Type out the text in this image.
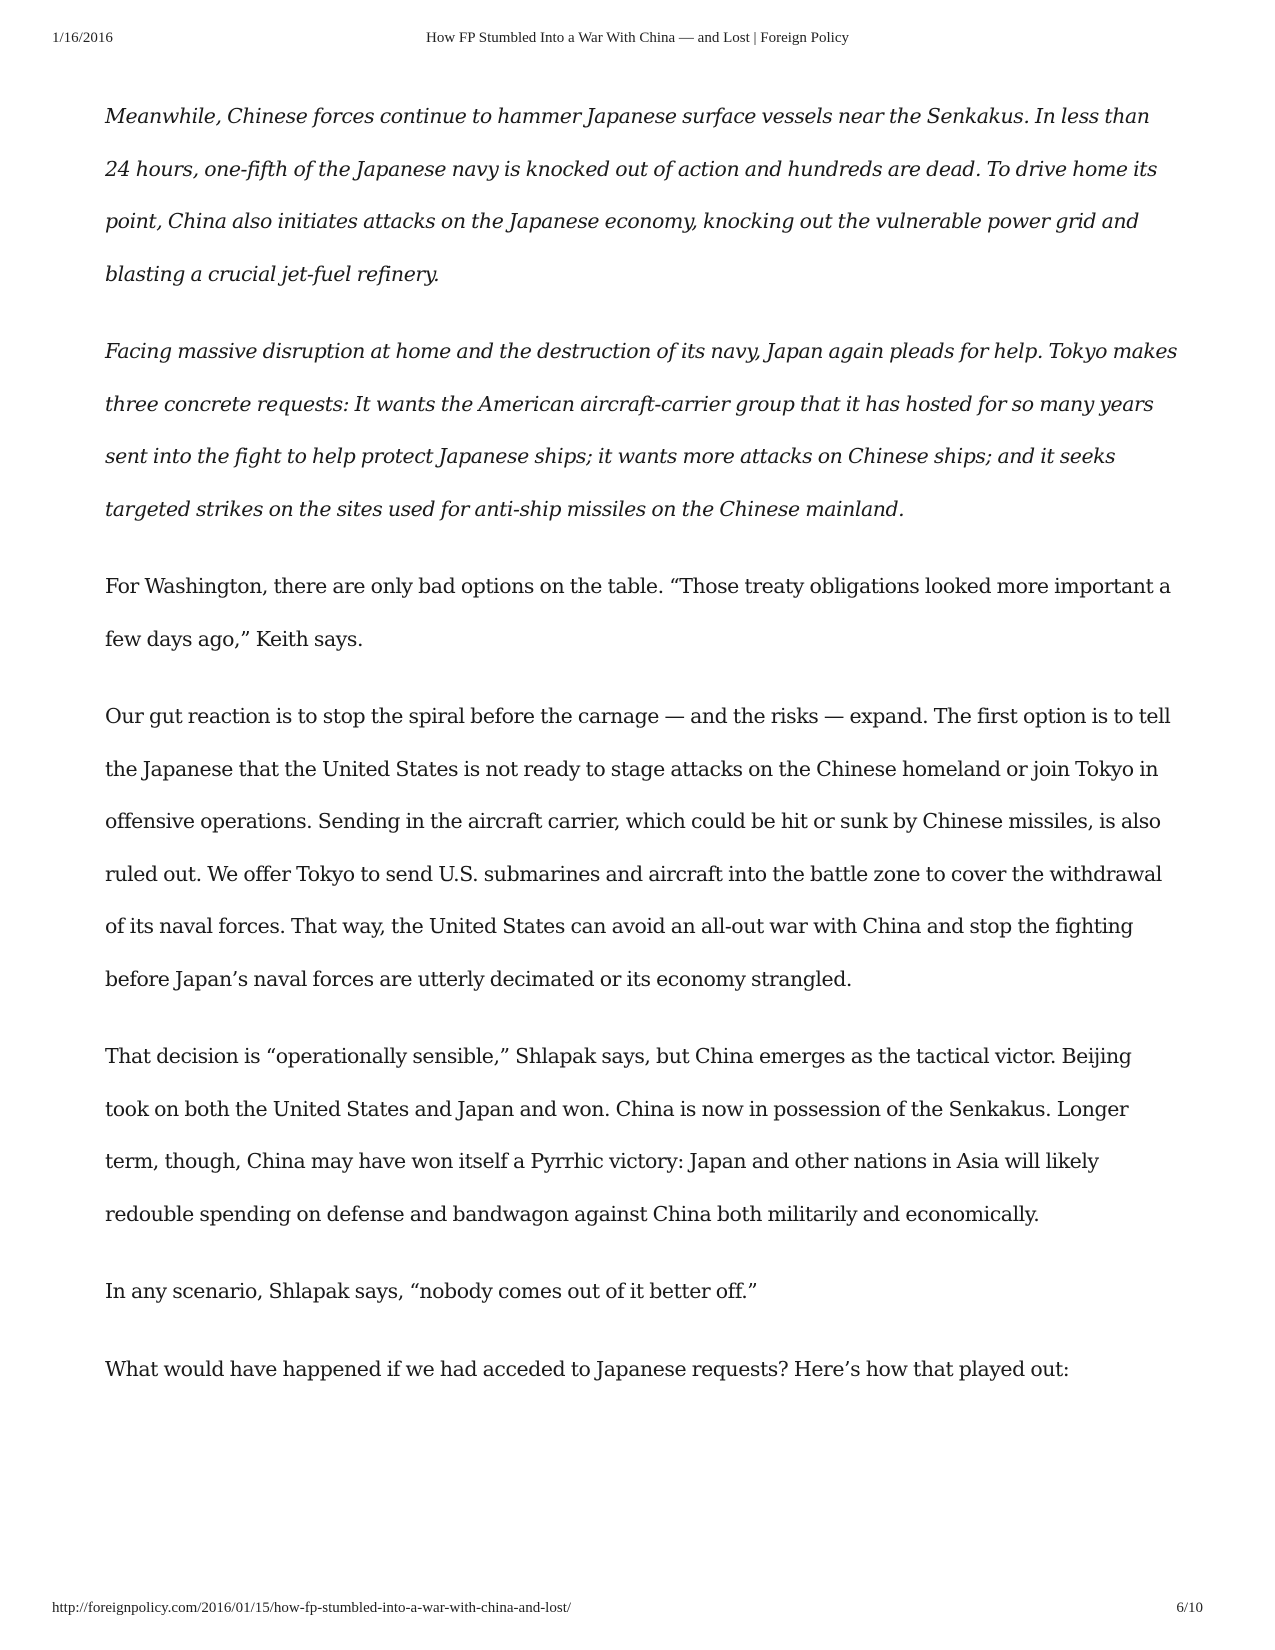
1/16/2016	How FP Stumbled Into a War With China — and Lost | Foreign Policy

Meanwhile, Chinese forces continue to hammer Japanese surface vessels near the Senkakus. In less than 24 hours, one-fifth of the Japanese navy is knocked out of action and hundreds are dead. To drive home its point, China also initiates attacks on the Japanese economy, knocking out the vulnerable power grid and blasting a crucial jet-fuel refinery.

Facing massive disruption at home and the destruction of its navy, Japan again pleads for help. Tokyo makes three concrete requests: It wants the American aircraft-carrier group that it has hosted for so many years sent into the fight to help protect Japanese ships; it wants more attacks on Chinese ships; and it seeks targeted strikes on the sites used for anti-ship missiles on the Chinese mainland.

For Washington, there are only bad options on the table. “Those treaty obligations looked more important a few days ago,” Keith says.

Our gut reaction is to stop the spiral before the carnage — and the risks — expand. The first option is to tell the Japanese that the United States is not ready to stage attacks on the Chinese homeland or join Tokyo in offensive operations. Sending in the aircraft carrier, which could be hit or sunk by Chinese missiles, is also ruled out. We offer Tokyo to send U.S. submarines and aircraft into the battle zone to cover the withdrawal of its naval forces. That way, the United States can avoid an all-out war with China and stop the fighting before Japan’s naval forces are utterly decimated or its economy strangled.

That decision is “operationally sensible,” Shlapak says, but China emerges as the tactical victor. Beijing took on both the United States and Japan and won. China is now in possession of the Senkakus. Longer term, though, China may have won itself a Pyrrhic victory: Japan and other nations in Asia will likely redouble spending on defense and bandwagon against China both militarily and economically.

In any scenario, Shlapak says, “nobody comes out of it better off.”

What would have happened if we had acceded to Japanese requests? Here’s how that played out:

http://foreignpolicy.com/2016/01/15/how-fp-stumbled-into-a-war-with-china-and-lost/	6/10
